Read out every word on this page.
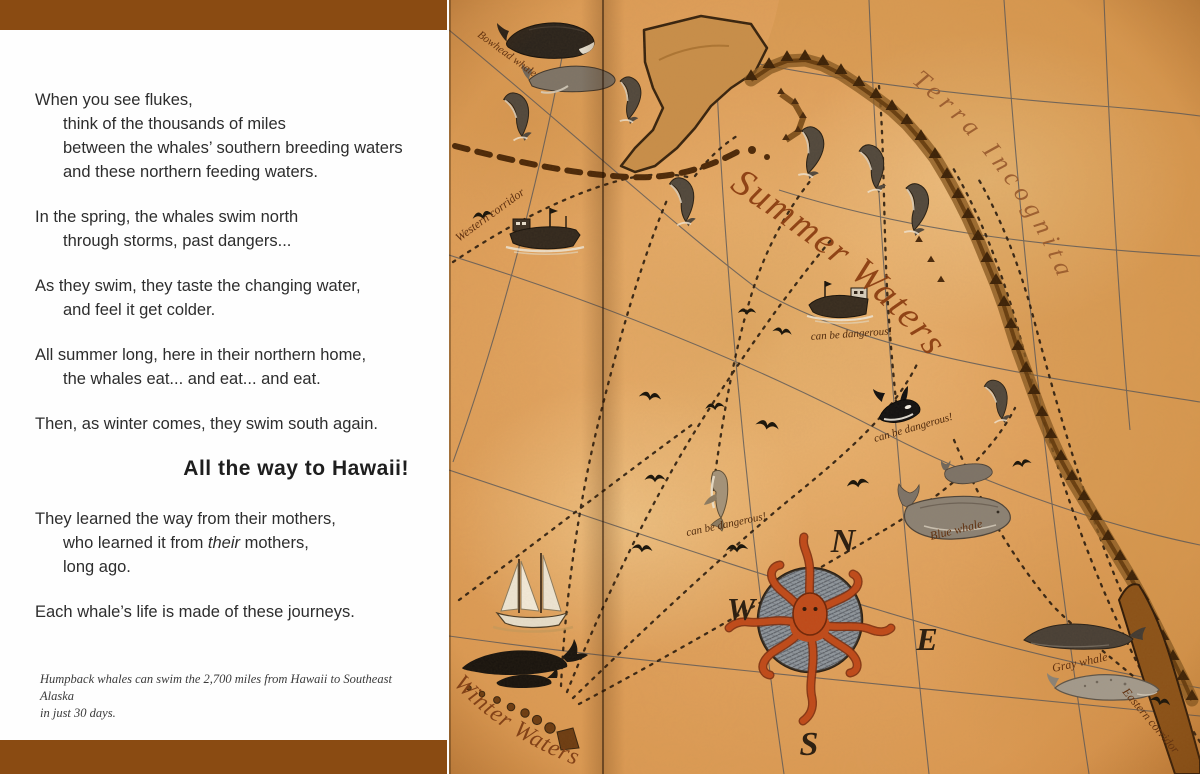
When you see flukes,
think of the thousands of miles
between the whales’ southern breeding waters
and these northern feeding waters.

In the spring, the whales swim north
through storms, past dangers...

As they swim, they taste the changing water,
and feel it get colder.

All summer long, here in their northern home,
the whales eat... and eat... and eat.

Then, as winter comes, they swim south again.

All the way to Hawaii!

They learned the way from their mothers,
who learned it from their mothers,
long ago.

Each whale’s life is made of these journeys.

Humpback whales can swim the 2,700 miles from Hawaii to Southeast Alaska
in just 30 days.
